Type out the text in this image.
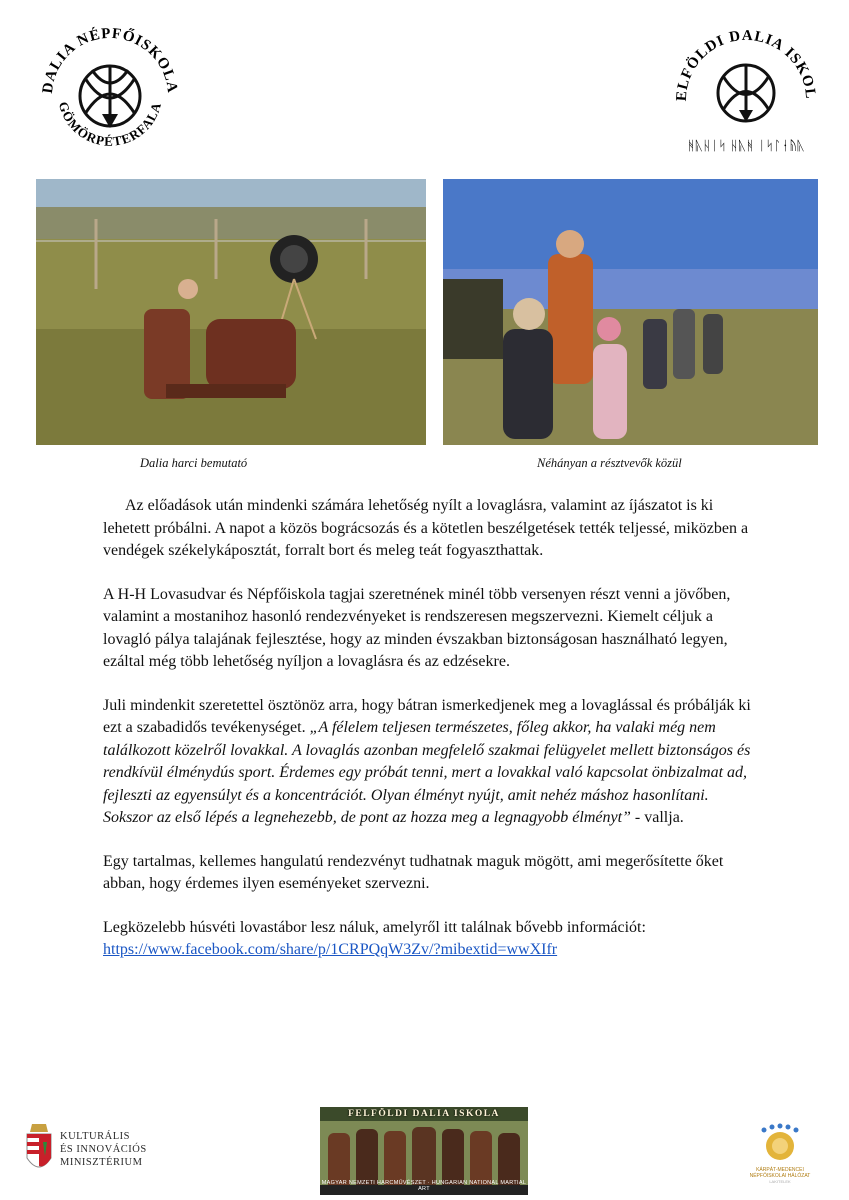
DALIA NÉPFŐISKOLA
GÖMÖRPÉTERFALA
ELFÖLDI DALIA ISKOL
ᚻᚣᚺᛁᛋ ᚺᚣᚻ ᛁᛋᛚᛂᚥᚣ
Dalia harci bemutató	Néhányan a résztvevők közül

Az előadások után mindenki számára lehetőség nyílt a lovaglásra, valamint az íjászatot is ki lehetett próbálni. A napot a közös bográcsozás és a kötetlen beszélgetések tették teljessé, miközben a vendégek székelykáposztát, forralt bort és meleg teát fogyaszthattak.

A H-H Lovasudvar és Népfőiskola tagjai szeretnének minél több versenyen részt venni a jövőben, valamint a mostanihoz hasonló rendezvényeket is rendszeresen megszervezni. Kiemelt céljuk a lovagló pálya talajának fejlesztése, hogy az minden évszakban biztonságosan használható legyen, ezáltal még több lehetőség nyíljon a lovaglásra és az edzésekre.

Juli mindenkit szeretettel ösztönöz arra, hogy bátran ismerkedjenek meg a lovaglással és próbálják ki ezt a szabadidős tevékenységet. „A félelem teljesen természetes, főleg akkor, ha valaki még nem találkozott közelről lovakkal. A lovaglás azonban megfelelő szakmai felügyelet mellett biztonságos és rendkívül élménydús sport. Érdemes egy próbát tenni, mert a lovakkal való kapcsolat önbizalmat ad, fejleszti az egyensúlyt és a koncentrációt. Olyan élményt nyújt, amit nehéz máshoz hasonlítani. Sokszor az első lépés a legnehezebb, de pont az hozza meg a legnagyobb élményt” - vallja.

Egy tartalmas, kellemes hangulatú rendezvényt tudhatnak maguk mögött, ami megerősítette őket abban, hogy érdemes ilyen eseményeket szervezni.

Legközelebb húsvéti lovastábor lesz náluk, amelyről itt találnak bővebb információt: https://www.facebook.com/share/p/1CRPQqW3Zv/?mibextid=wwXIfr

KULTURÁLIS
ÉS INNOVÁCIÓS
MINISZTÉRIUM
FELFÖLDI DALIA ISKOLA
MAGYAR NEMZETI HARCMŰVÉSZET · HUNGARIAN NATIONAL MARTIAL ART
KÁRPÁT-MEDENCEI
NÉPFŐISKOLAI HÁLÓZAT
LAKITELEK
